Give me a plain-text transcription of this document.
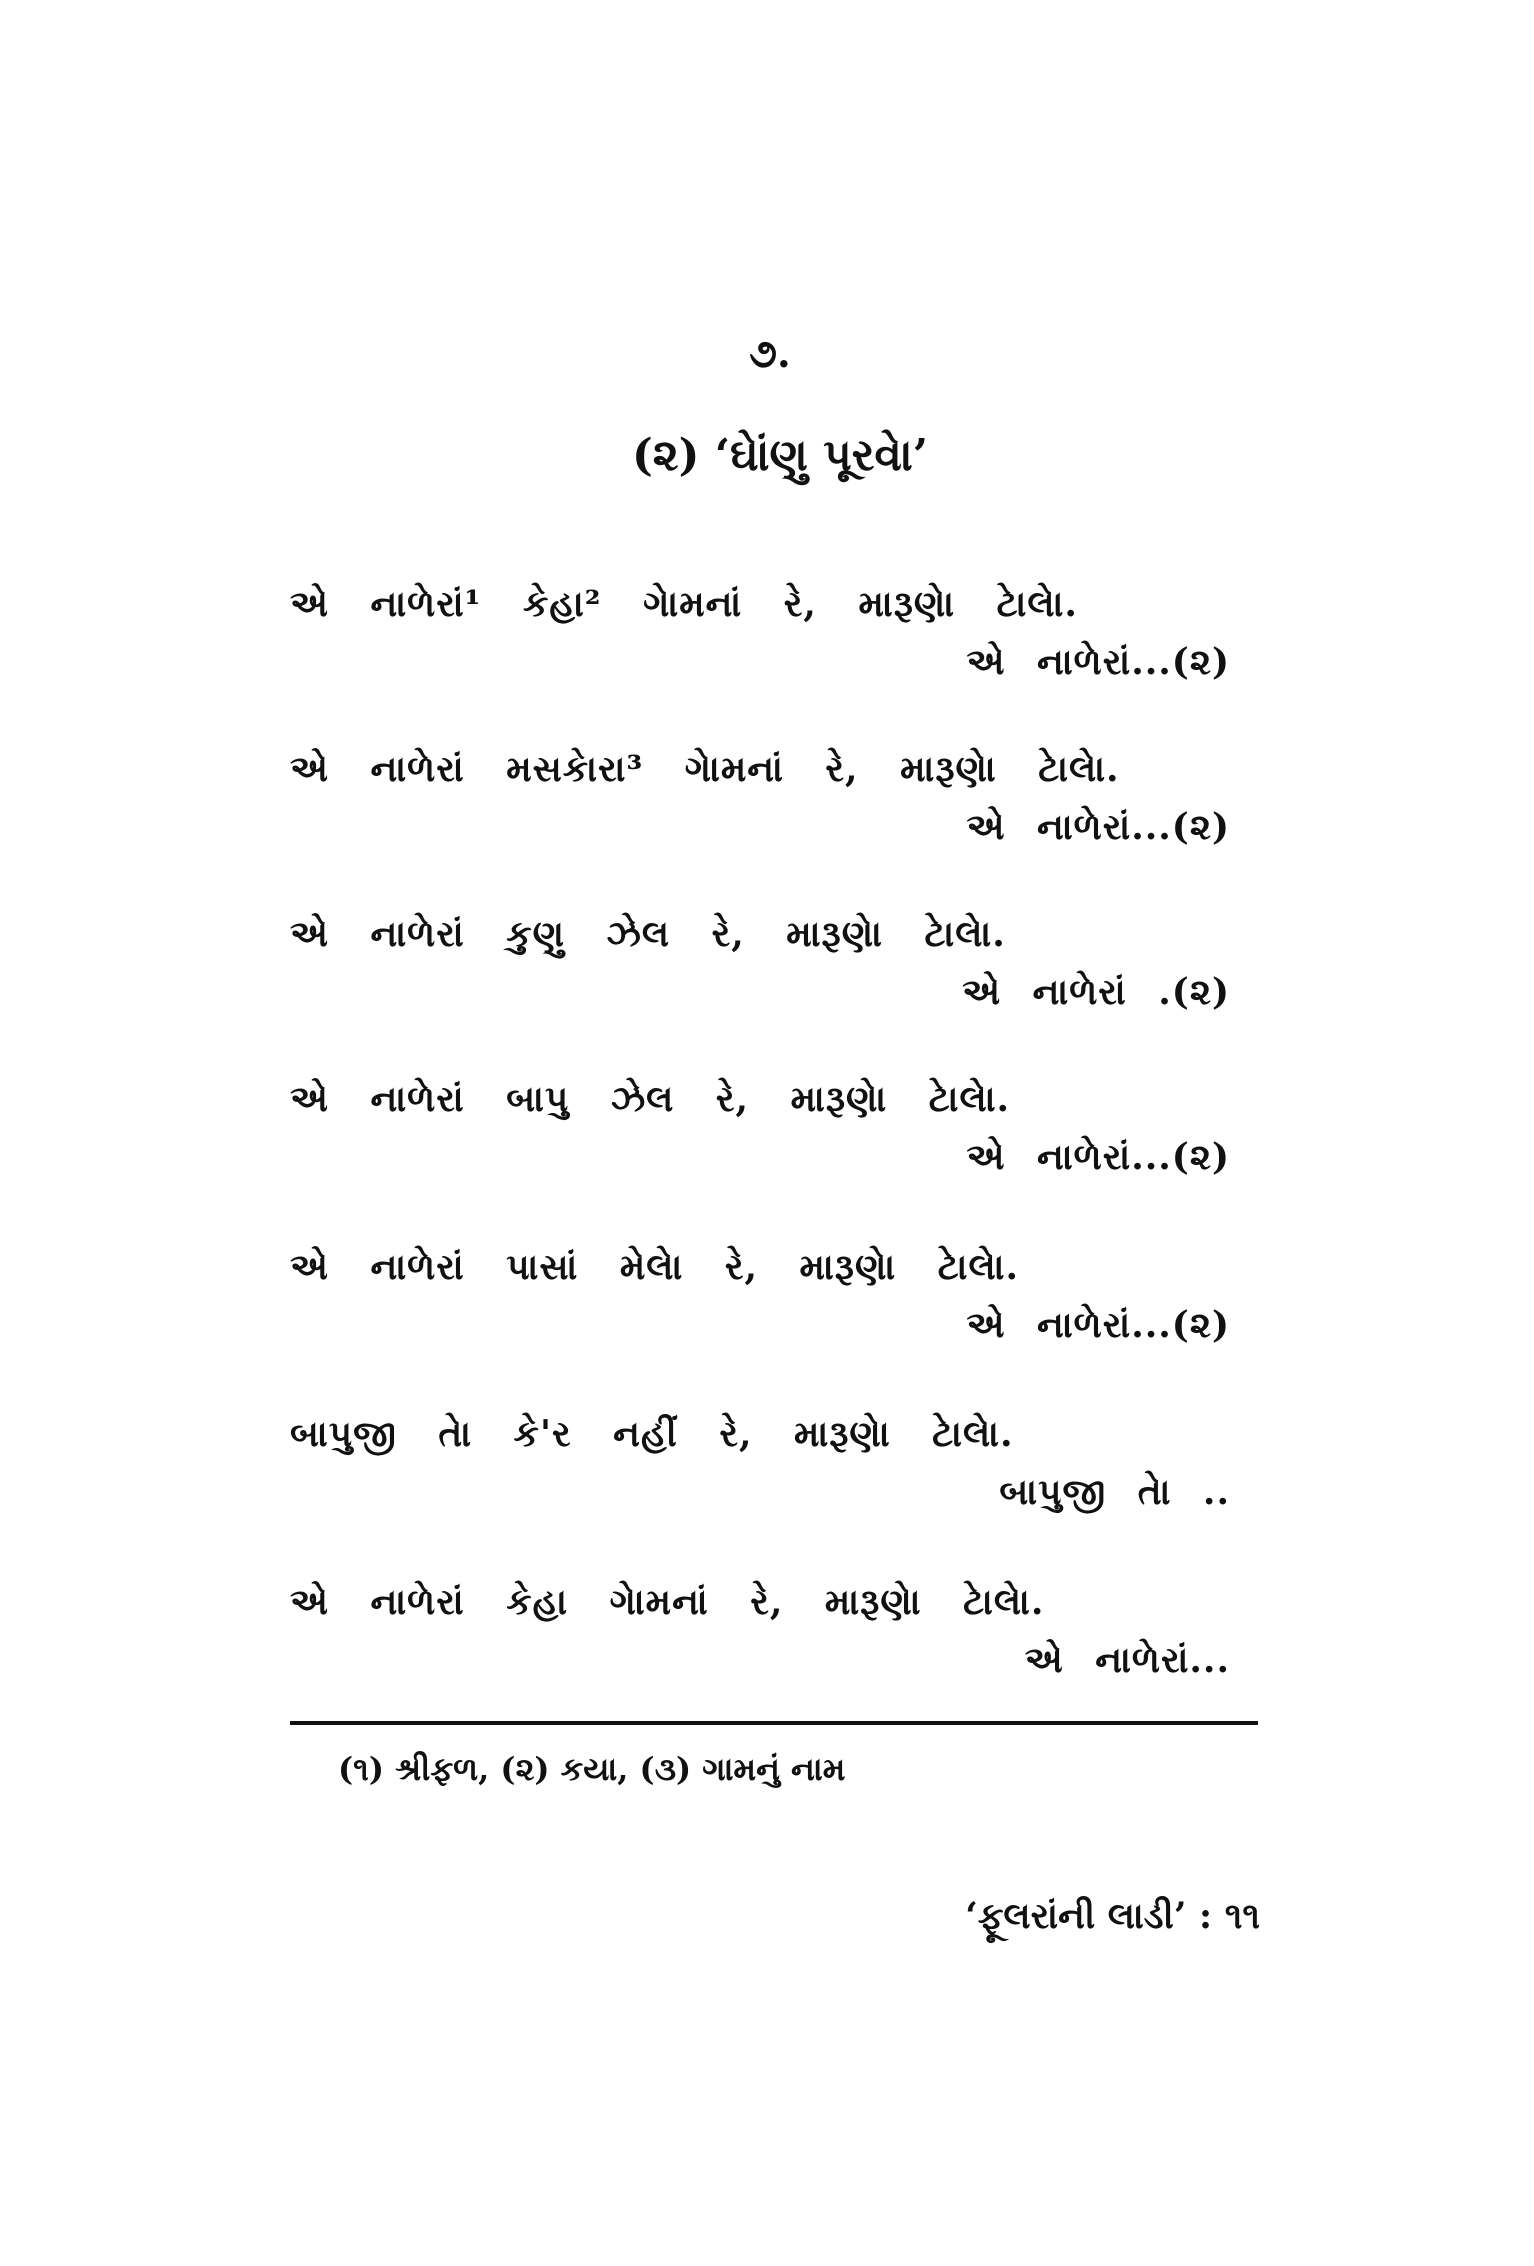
૭.
(૨) ‘ઘેાંણુ પૂરવેા’
એ નાળેરાં¹ કેહા² ગેામનાં રે, મારૂણેા ટેાલેા.
એ નાળેરાં...(૨)
એ નાળેરાં મસકેારા³ ગેામનાં રે, મારૂણેા ટેાલેા.
એ નાળેરાં...(૨)
એ નાળેરાં કુણુ ઝેલ રે, મારૂણેા ટેાલેા.
એ નાળેરાં .(૨)
એ નાળેરાં બાપુ ઝેલ રે, મારૂણેા ટેાલેા.
એ નાળેરાં...(૨)
એ નાળેરાં પાસાં મેલેા રે, મારૂણેા ટેાલેા.
એ નાળેરાં...(૨)
બાપુજી તેા કે'ર નહીં રે, મારૂણેા ટેાલેા.
બાપુજી તેા ..
એ નાળેરાં કેહા ગેામનાં રે, મારૂણેા ટેાલેા.
એ નાળેરાં...
(૧) શ્રીફળ, (૨) કયા, (૩) ગામનું નામ
‘ફૂલરાંની લાડી’ : ૧૧
